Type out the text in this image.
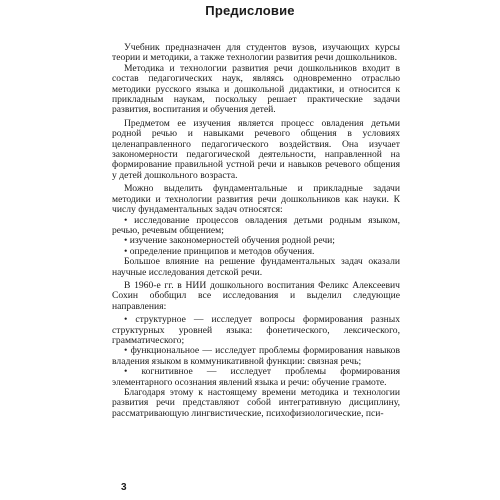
Предисловие

Учебник предназначен для студентов вузов, изучающих курсы теории и методики, а также технологии развития речи дошкольников.

Методика и технологии развития речи дошкольников входит в состав педагогических наук, являясь одновременно отраслью методики русского языка и дошкольной дидактики, и относится к прикладным наукам, поскольку решает практические задачи развития, воспитания и обучения детей.

Предметом ее изучения является процесс овладения детьми родной речью и навыками речевого общения в условиях целенаправленного педагогического воздействия. Она изучает закономерности педагогической деятельности, направленной на формирование правильной устной речи и навыков речевого общения у детей дошкольного возраста.

Можно выделить фундаментальные и прикладные задачи методики и технологии развития речи дошкольников как науки. К числу фундаментальных задач относятся:

• исследование процессов овладения детьми родным языком, речью, речевым общением;

• изучение закономерностей обучения родной речи;

• определение принципов и методов обучения.

Большое влияние на решение фундаментальных задач оказали научные исследования детской речи.

В 1960-е гг. в НИИ дошкольного воспитания Феликс Алексеевич Сохин обобщил все исследования и выделил следующие направления:

• структурное — исследует вопросы формирования разных структурных уровней языка: фонетического, лексического, грамматического;

• функциональное — исследует проблемы формирования навыков владения языком в коммуникативной функции: связная речь;

• когнитивное — исследует проблемы формирования элементарного осознания явлений языка и речи: обучение грамоте.

Благодаря этому к настоящему времени методика и технологии развития речи представляют собой интегративную дисциплину, рассматривающую лингвистические, психофизиологические, пси-

3
